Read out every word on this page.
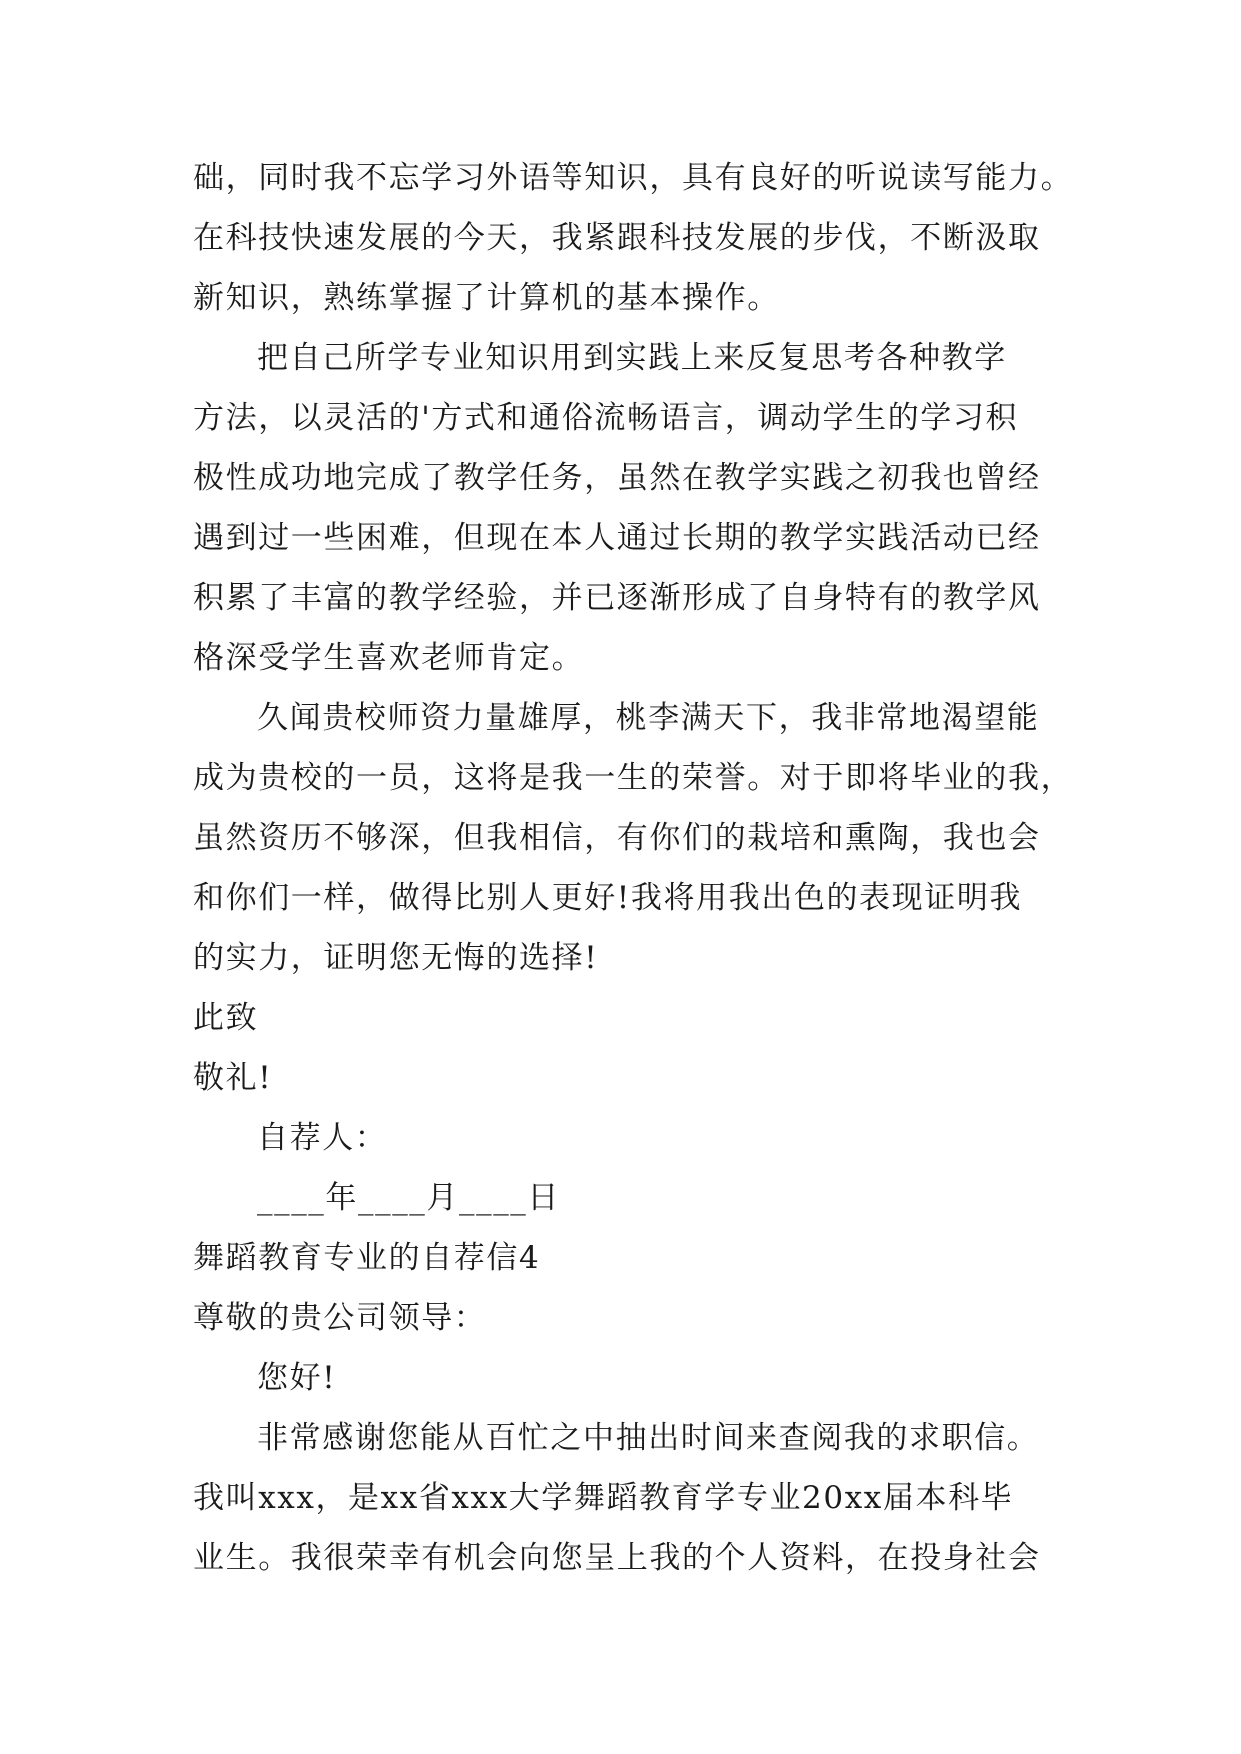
础，同时我不忘学习外语等知识，具有良好的听说读写能力。
在科技快速发展的今天，我紧跟科技发展的步伐，不断汲取
新知识，熟练掌握了计算机的基本操作。
把自己所学专业知识用到实践上来反复思考各种教学
方法，以灵活的'方式和通俗流畅语言，调动学生的学习积
极性成功地完成了教学任务，虽然在教学实践之初我也曾经
遇到过一些困难，但现在本人通过长期的教学实践活动已经
积累了丰富的教学经验，并已逐渐形成了自身特有的教学风
格深受学生喜欢老师肯定。
久闻贵校师资力量雄厚，桃李满天下，我非常地渴望能
成为贵校的一员，这将是我一生的荣誉。对于即将毕业的我，
虽然资历不够深，但我相信，有你们的栽培和熏陶，我也会
和你们一样，做得比别人更好!我将用我出色的表现证明我
的实力，证明您无悔的选择!
此致
敬礼!
自荐人：
____年____月____日
舞蹈教育专业的自荐信4
尊敬的贵公司领导：
您好!
非常感谢您能从百忙之中抽出时间来查阅我的求职信。
我叫xxx，是xx省xxx大学舞蹈教育学专业20xx届本科毕
业生。我很荣幸有机会向您呈上我的个人资料，在投身社会
